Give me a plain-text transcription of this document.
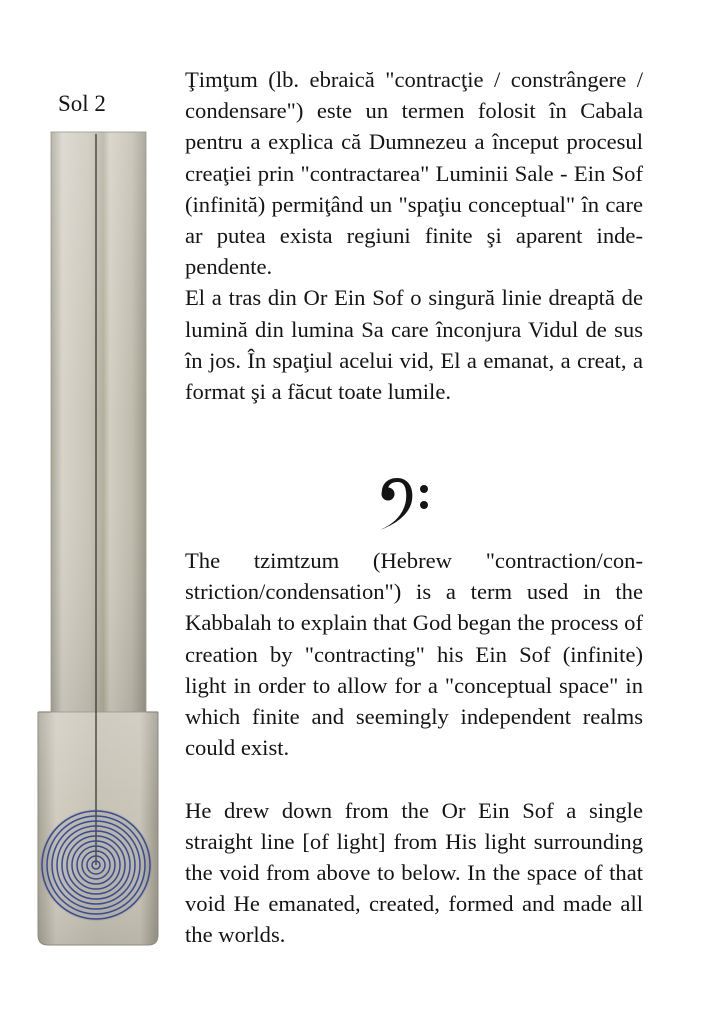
Sol 2

Ţimţum (lb. ebraică "contracţie / constrângere / condensare") este un termen folosit în Cabala pentru a explica că Dumnezeu a început procesul creaţiei prin "contractarea" Luminii Sale - Ein Sof (infinită) permiţând un "spaţiu conceptual" în care ar putea exista regiuni finite şi aparent independente.

El a tras din Or Ein Sof o singură linie dreaptă de lumină din lumina Sa care înconjura Vidul de sus în jos. În spaţiul acelui vid, El a emanat, a creat, a format şi a făcut toate lumile.

The tzimtzum (Hebrew "contraction/constriction/condensation") is a term used in the Kabbalah to explain that God began the process of creation by "contracting" his Ein Sof (infinite) light in order to allow for a "conceptual space" in which finite and seemingly independent realms could exist.

He drew down from the Or Ein Sof a single straight line [of light] from His light surrounding the void from above to below. In the space of that void He emanated, created, formed and made all the worlds.
